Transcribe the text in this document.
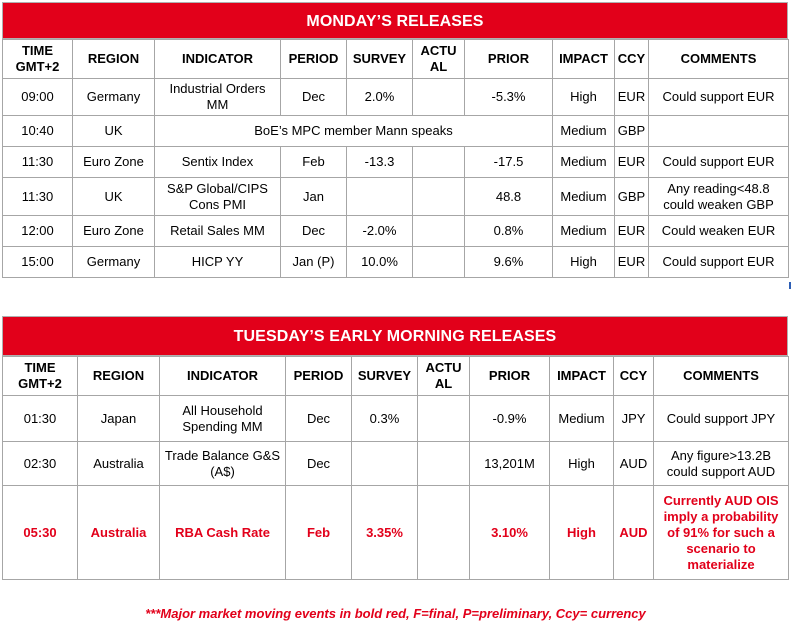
MONDAY’S RELEASES
TIME GMT+2	REGION	INDICATOR	PERIOD	SURVEY	ACTU AL	PRIOR	IMPACT	CCY	COMMENTS
09:00	Germany	Industrial Orders MM	Dec	2.0%		-5.3%	High	EUR	Could support EUR
10:40	UK	BoE’s MPC member Mann speaks					Medium	GBP	
11:30	Euro Zone	Sentix Index	Feb	-13.3		-17.5	Medium	EUR	Could support EUR
11:30	UK	S&P Global/CIPS Cons PMI	Jan			48.8	Medium	GBP	Any reading<48.8 could weaken GBP
12:00	Euro Zone	Retail Sales MM	Dec	-2.0%		0.8%	Medium	EUR	Could weaken EUR
15:00	Germany	HICP YY	Jan (P)	10.0%		9.6%	High	EUR	Could support EUR
TUESDAY’S EARLY MORNING RELEASES
TIME GMT+2	REGION	INDICATOR	PERIOD	SURVEY	ACTU AL	PRIOR	IMPACT	CCY	COMMENTS
01:30	Japan	All Household Spending MM	Dec	0.3%		-0.9%	Medium	JPY	Could support JPY
02:30	Australia	Trade Balance G&S (A$)	Dec			13,201M	High	AUD	Any figure>13.2B could support AUD
05:30	Australia	RBA Cash Rate	Feb	3.35%		3.10%	High	AUD	Currently AUD OIS imply a probability of 91% for such a scenario to materialize
***Major market moving events in bold red, F=final, P=preliminary, Ccy= currency
